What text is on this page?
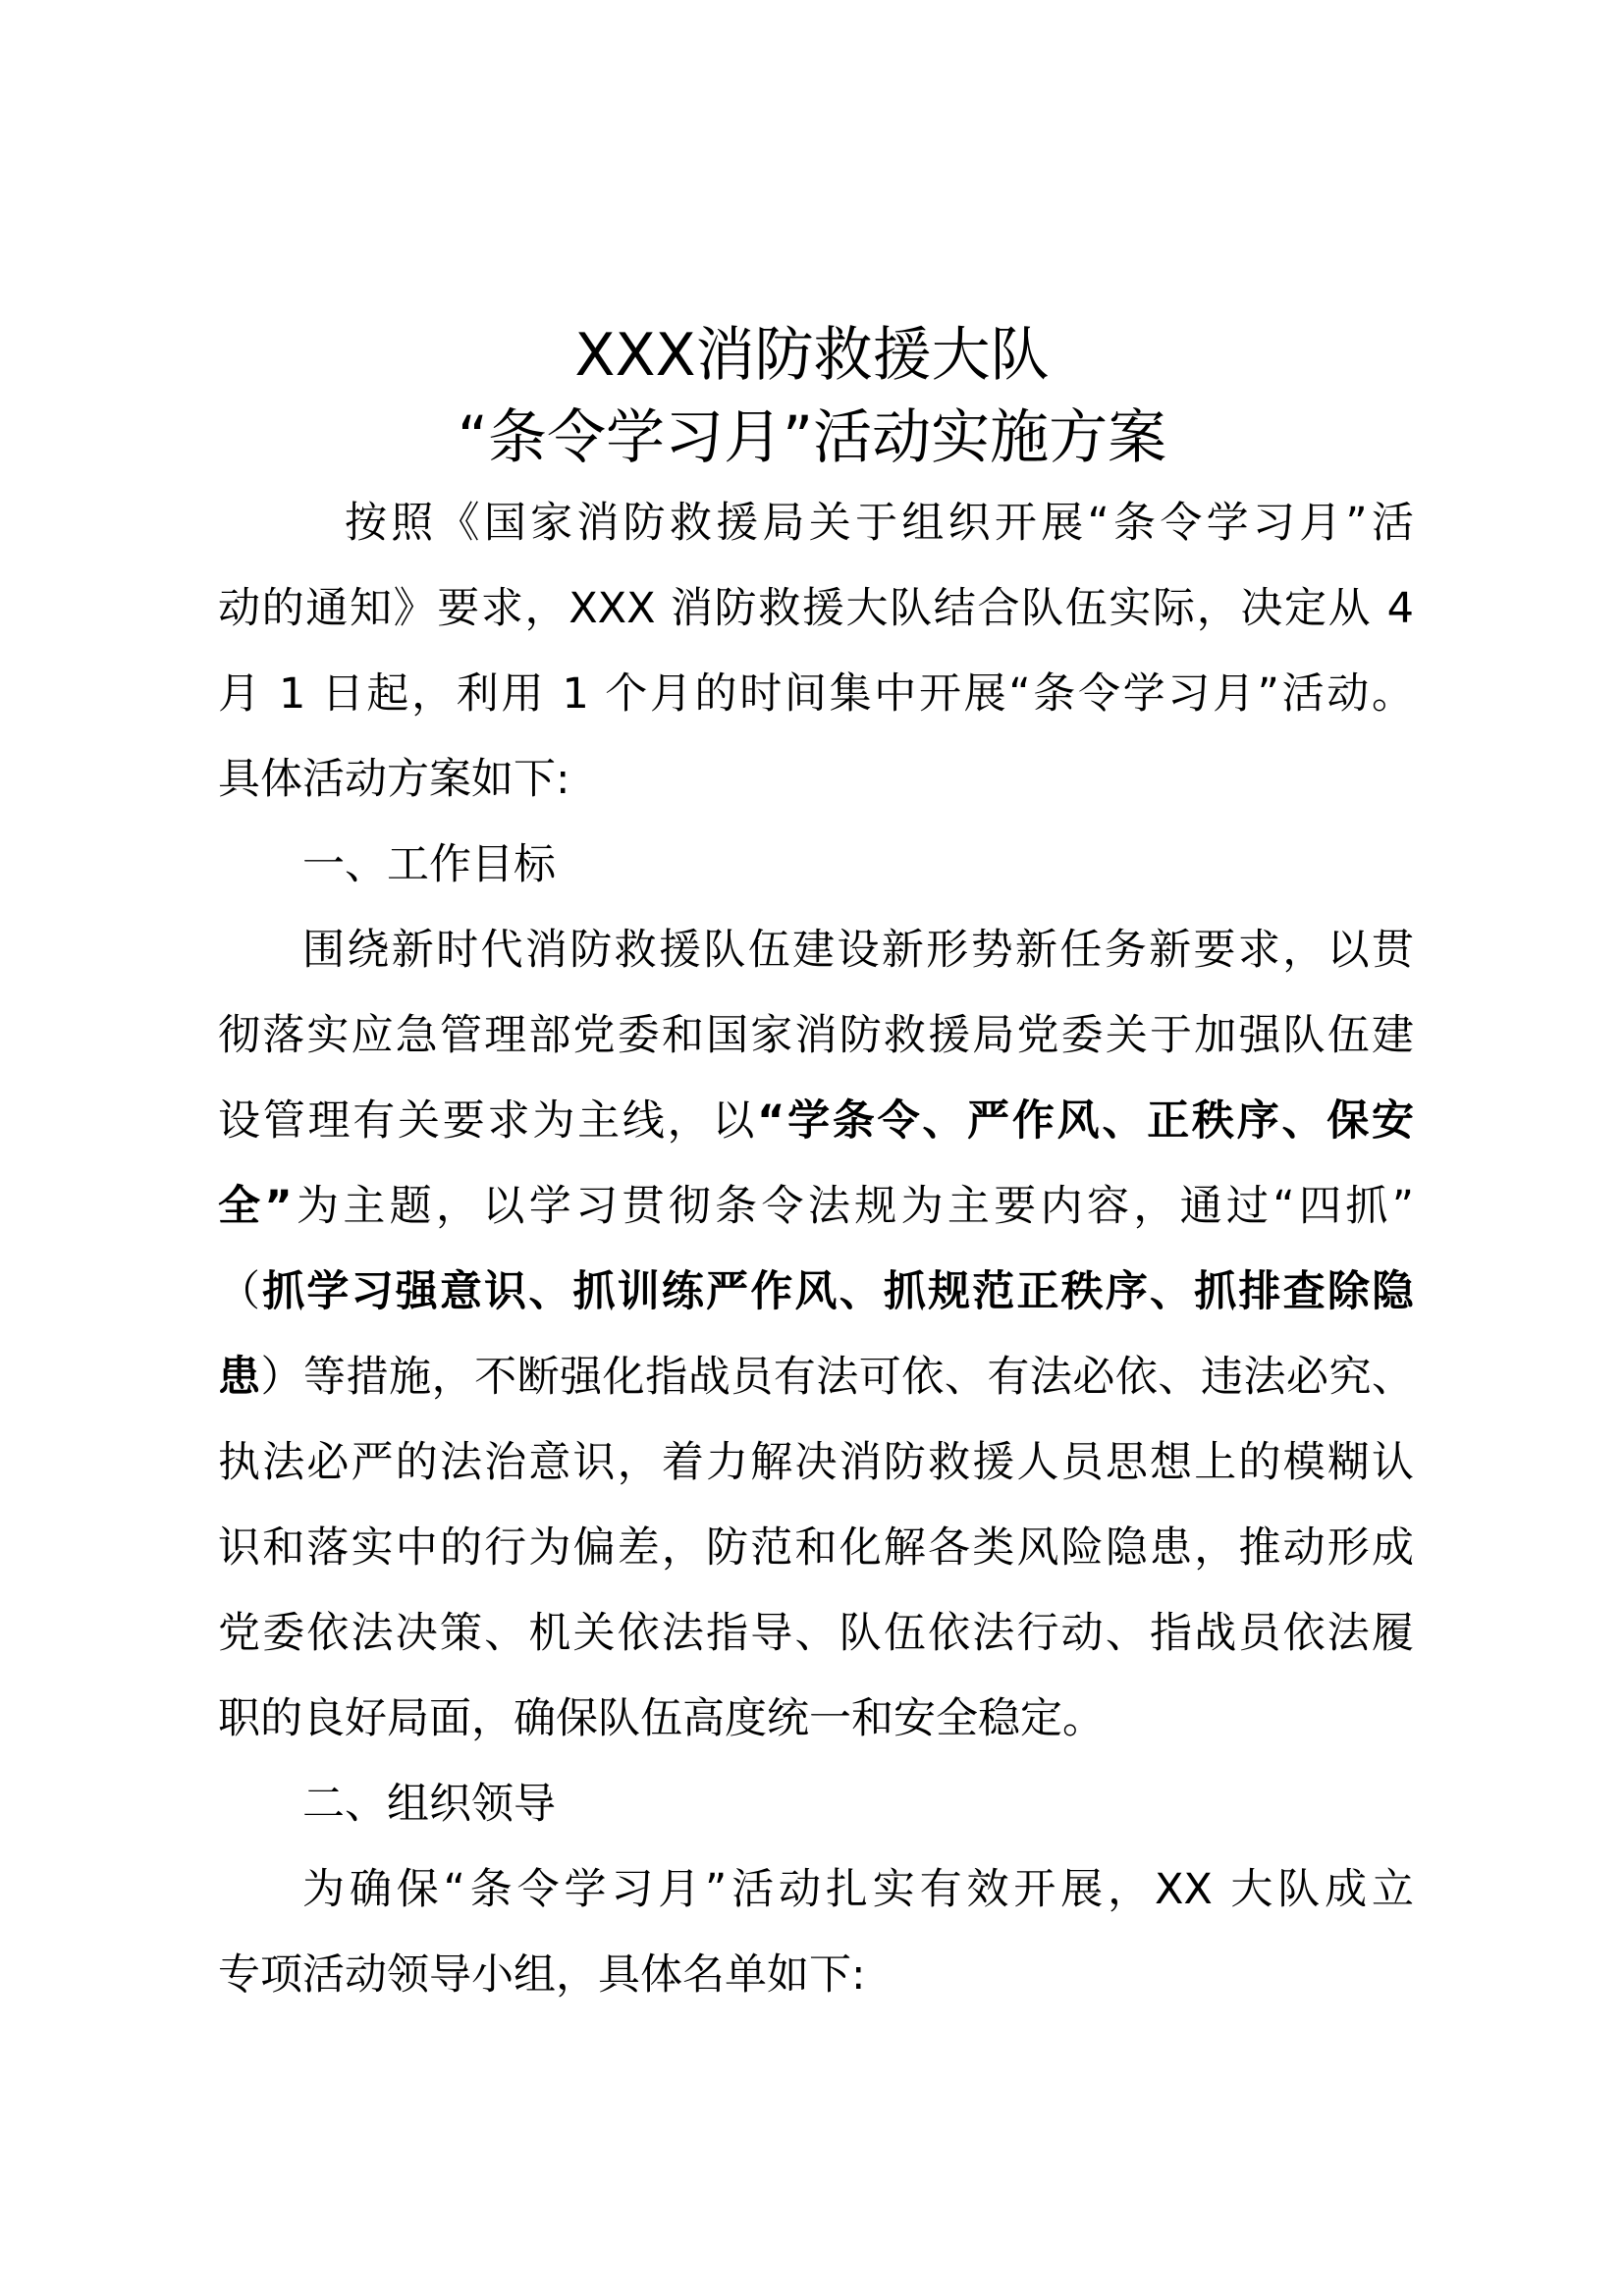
XXX消防救援大队
“条令学习月”活动实施方案
按照《国家消防救援局关于组织开展“条令学习月”活
动的通知》要求，XXX 消防救援大队结合队伍实际，决定从 4
月 1 日起，利用 1 个月的时间集中开展“条令学习月”活动。
具体活动方案如下:
一、工作目标
围绕新时代消防救援队伍建设新形势新任务新要求，以贯
彻落实应急管理部党委和国家消防救援局党委关于加强队伍建
设管理有关要求为主线，以“学条令、严作风、正秩序、保安
全”为主题，以学习贯彻条令法规为主要内容，通过“四抓”
（抓学习强意识、抓训练严作风、抓规范正秩序、抓排查除隐
患）等措施，不断强化指战员有法可依、有法必依、违法必究、
执法必严的法治意识，着力解决消防救援人员思想上的模糊认
识和落实中的行为偏差，防范和化解各类风险隐患，推动形成
党委依法决策、机关依法指导、队伍依法行动、指战员依法履
职的良好局面，确保队伍高度统一和安全稳定。
二、组织领导
为确保“条令学习月”活动扎实有效开展，XX 大队成立
专项活动领导小组，具体名单如下:
